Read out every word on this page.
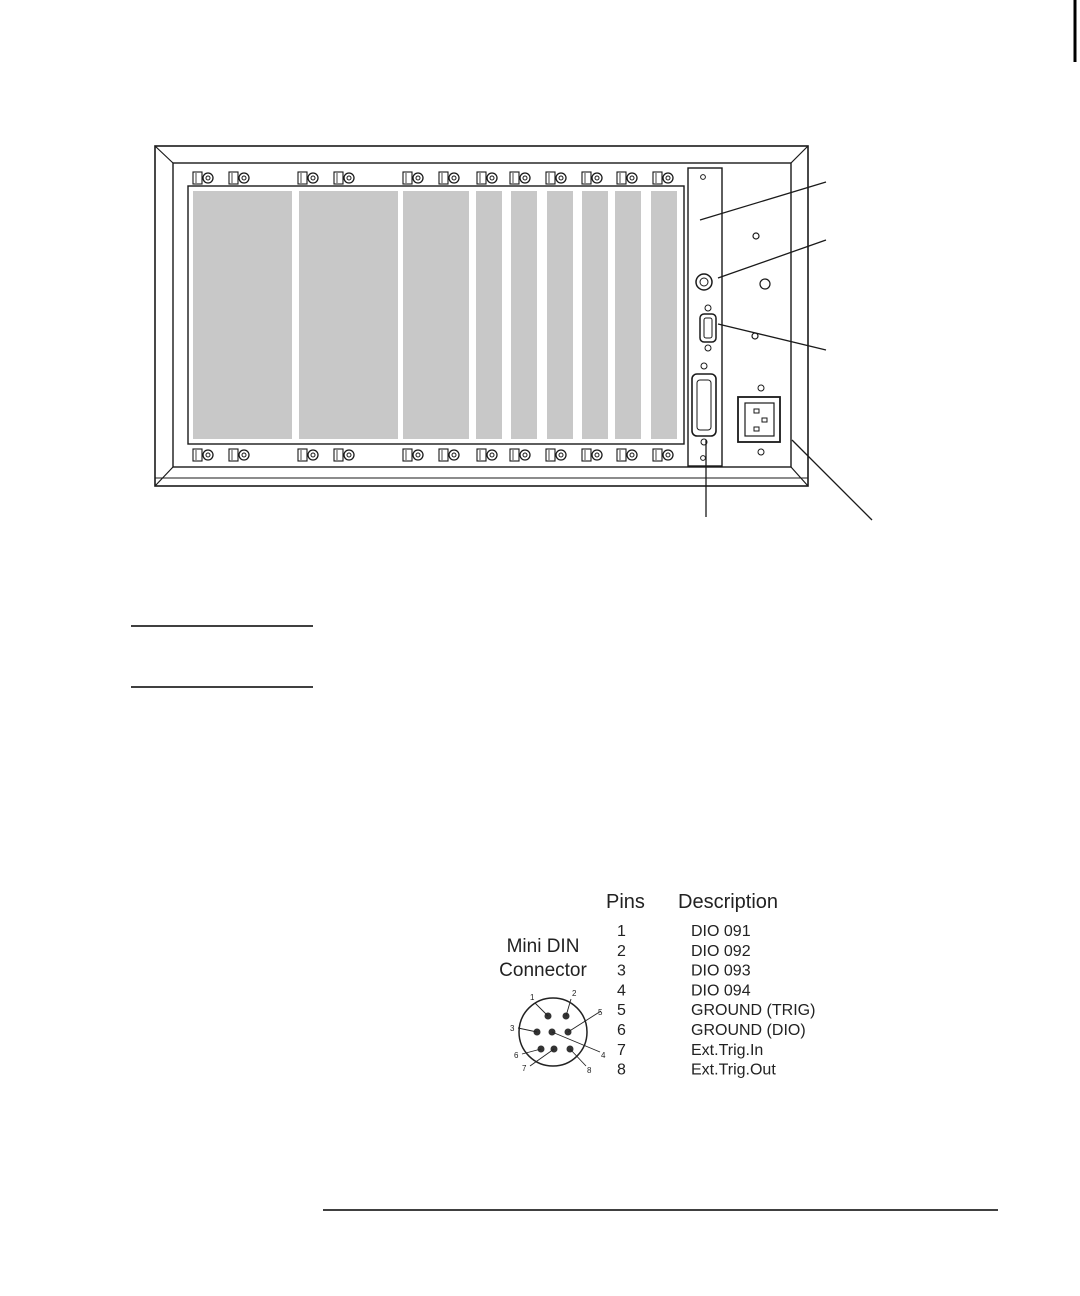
Pins Description
Mini DIN
Connector
1	DIO 091
2	DIO 092
3	DIO 093
4	DIO 094
5	GROUND (TRIG)
6	GROUND (DIO)
7	Ext.Trig.In
8	Ext.Trig.Out
1	2
5
3
4
6
7	8
